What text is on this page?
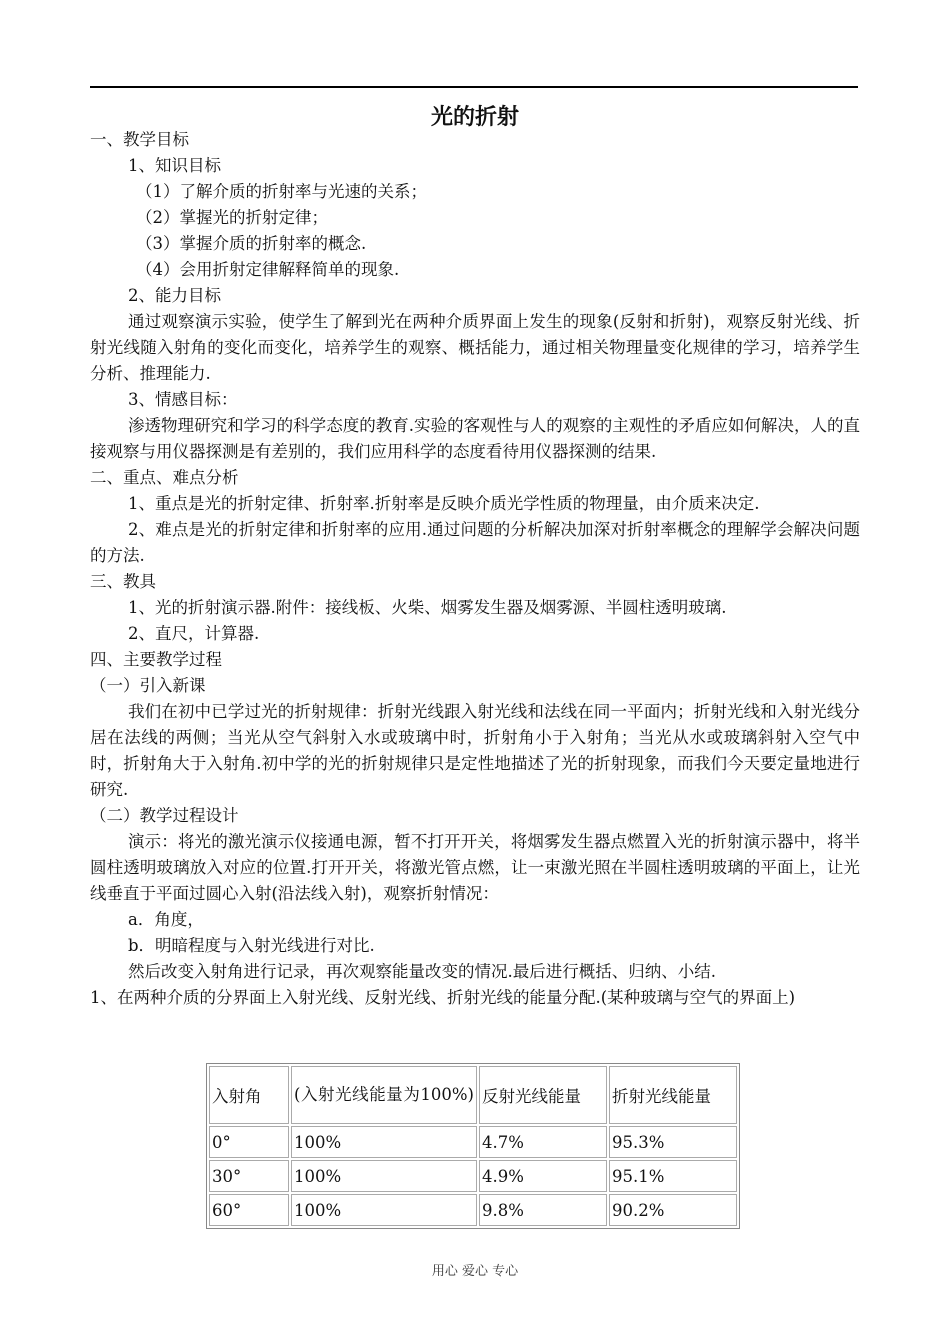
光的折射
一、教学目标
1、知识目标
（1）了解介质的折射率与光速的关系；
（2）掌握光的折射定律；
（3）掌握介质的折射率的概念.
（4）会用折射定律解释简单的现象.
2、能力目标
通过观察演示实验，使学生了解到光在两种介质界面上发生的现象(反射和折射)，观察反射光线、折射光线随入射角的变化而变化，培养学生的观察、概括能力，通过相关物理量变化规律的学习，培养学生分析、推理能力.
3、情感目标：
渗透物理研究和学习的科学态度的教育.实验的客观性与人的观察的主观性的矛盾应如何解决，人的直接观察与用仪器探测是有差别的，我们应用科学的态度看待用仪器探测的结果.
二、重点、难点分析
1、重点是光的折射定律、折射率.折射率是反映介质光学性质的物理量，由介质来决定.
2、难点是光的折射定律和折射率的应用.通过问题的分析解决加深对折射率概念的理解学会解决问题的方法.
三、教具
1、光的折射演示器.附件：接线板、火柴、烟雾发生器及烟雾源、半圆柱透明玻璃.
2、直尺，计算器.
四、主要教学过程
（一）引入新课
我们在初中已学过光的折射规律：折射光线跟入射光线和法线在同一平面内；折射光线和入射光线分居在法线的两侧；当光从空气斜射入水或玻璃中时，折射角小于入射角；当光从水或玻璃斜射入空气中时，折射角大于入射角.初中学的光的折射规律只是定性地描述了光的折射现象，而我们今天要定量地进行研究.
（二）教学过程设计
演示：将光的激光演示仪接通电源，暂不打开开关，将烟雾发生器点燃置入光的折射演示器中，将半圆柱透明玻璃放入对应的位置.打开开关，将激光管点燃，让一束激光照在半圆柱透明玻璃的平面上，让光线垂直于平面过圆心入射(沿法线入射)，观察折射情况：
a．角度，
b．明暗程度与入射光线进行对比.
然后改变入射角进行记录，再次观察能量改变的情况.最后进行概括、归纳、小结.
1、在两种介质的分界面上入射光线、反射光线、折射光线的能量分配.(某种玻璃与空气的界面上)
入射角	(入射光线能量为100%)	反射光线能量	折射光线能量
0°	100%	4.7%	95.3%
30°	100%	4.9%	95.1%
60°	100%	9.8%	90.2%
用心 爱心 专心
